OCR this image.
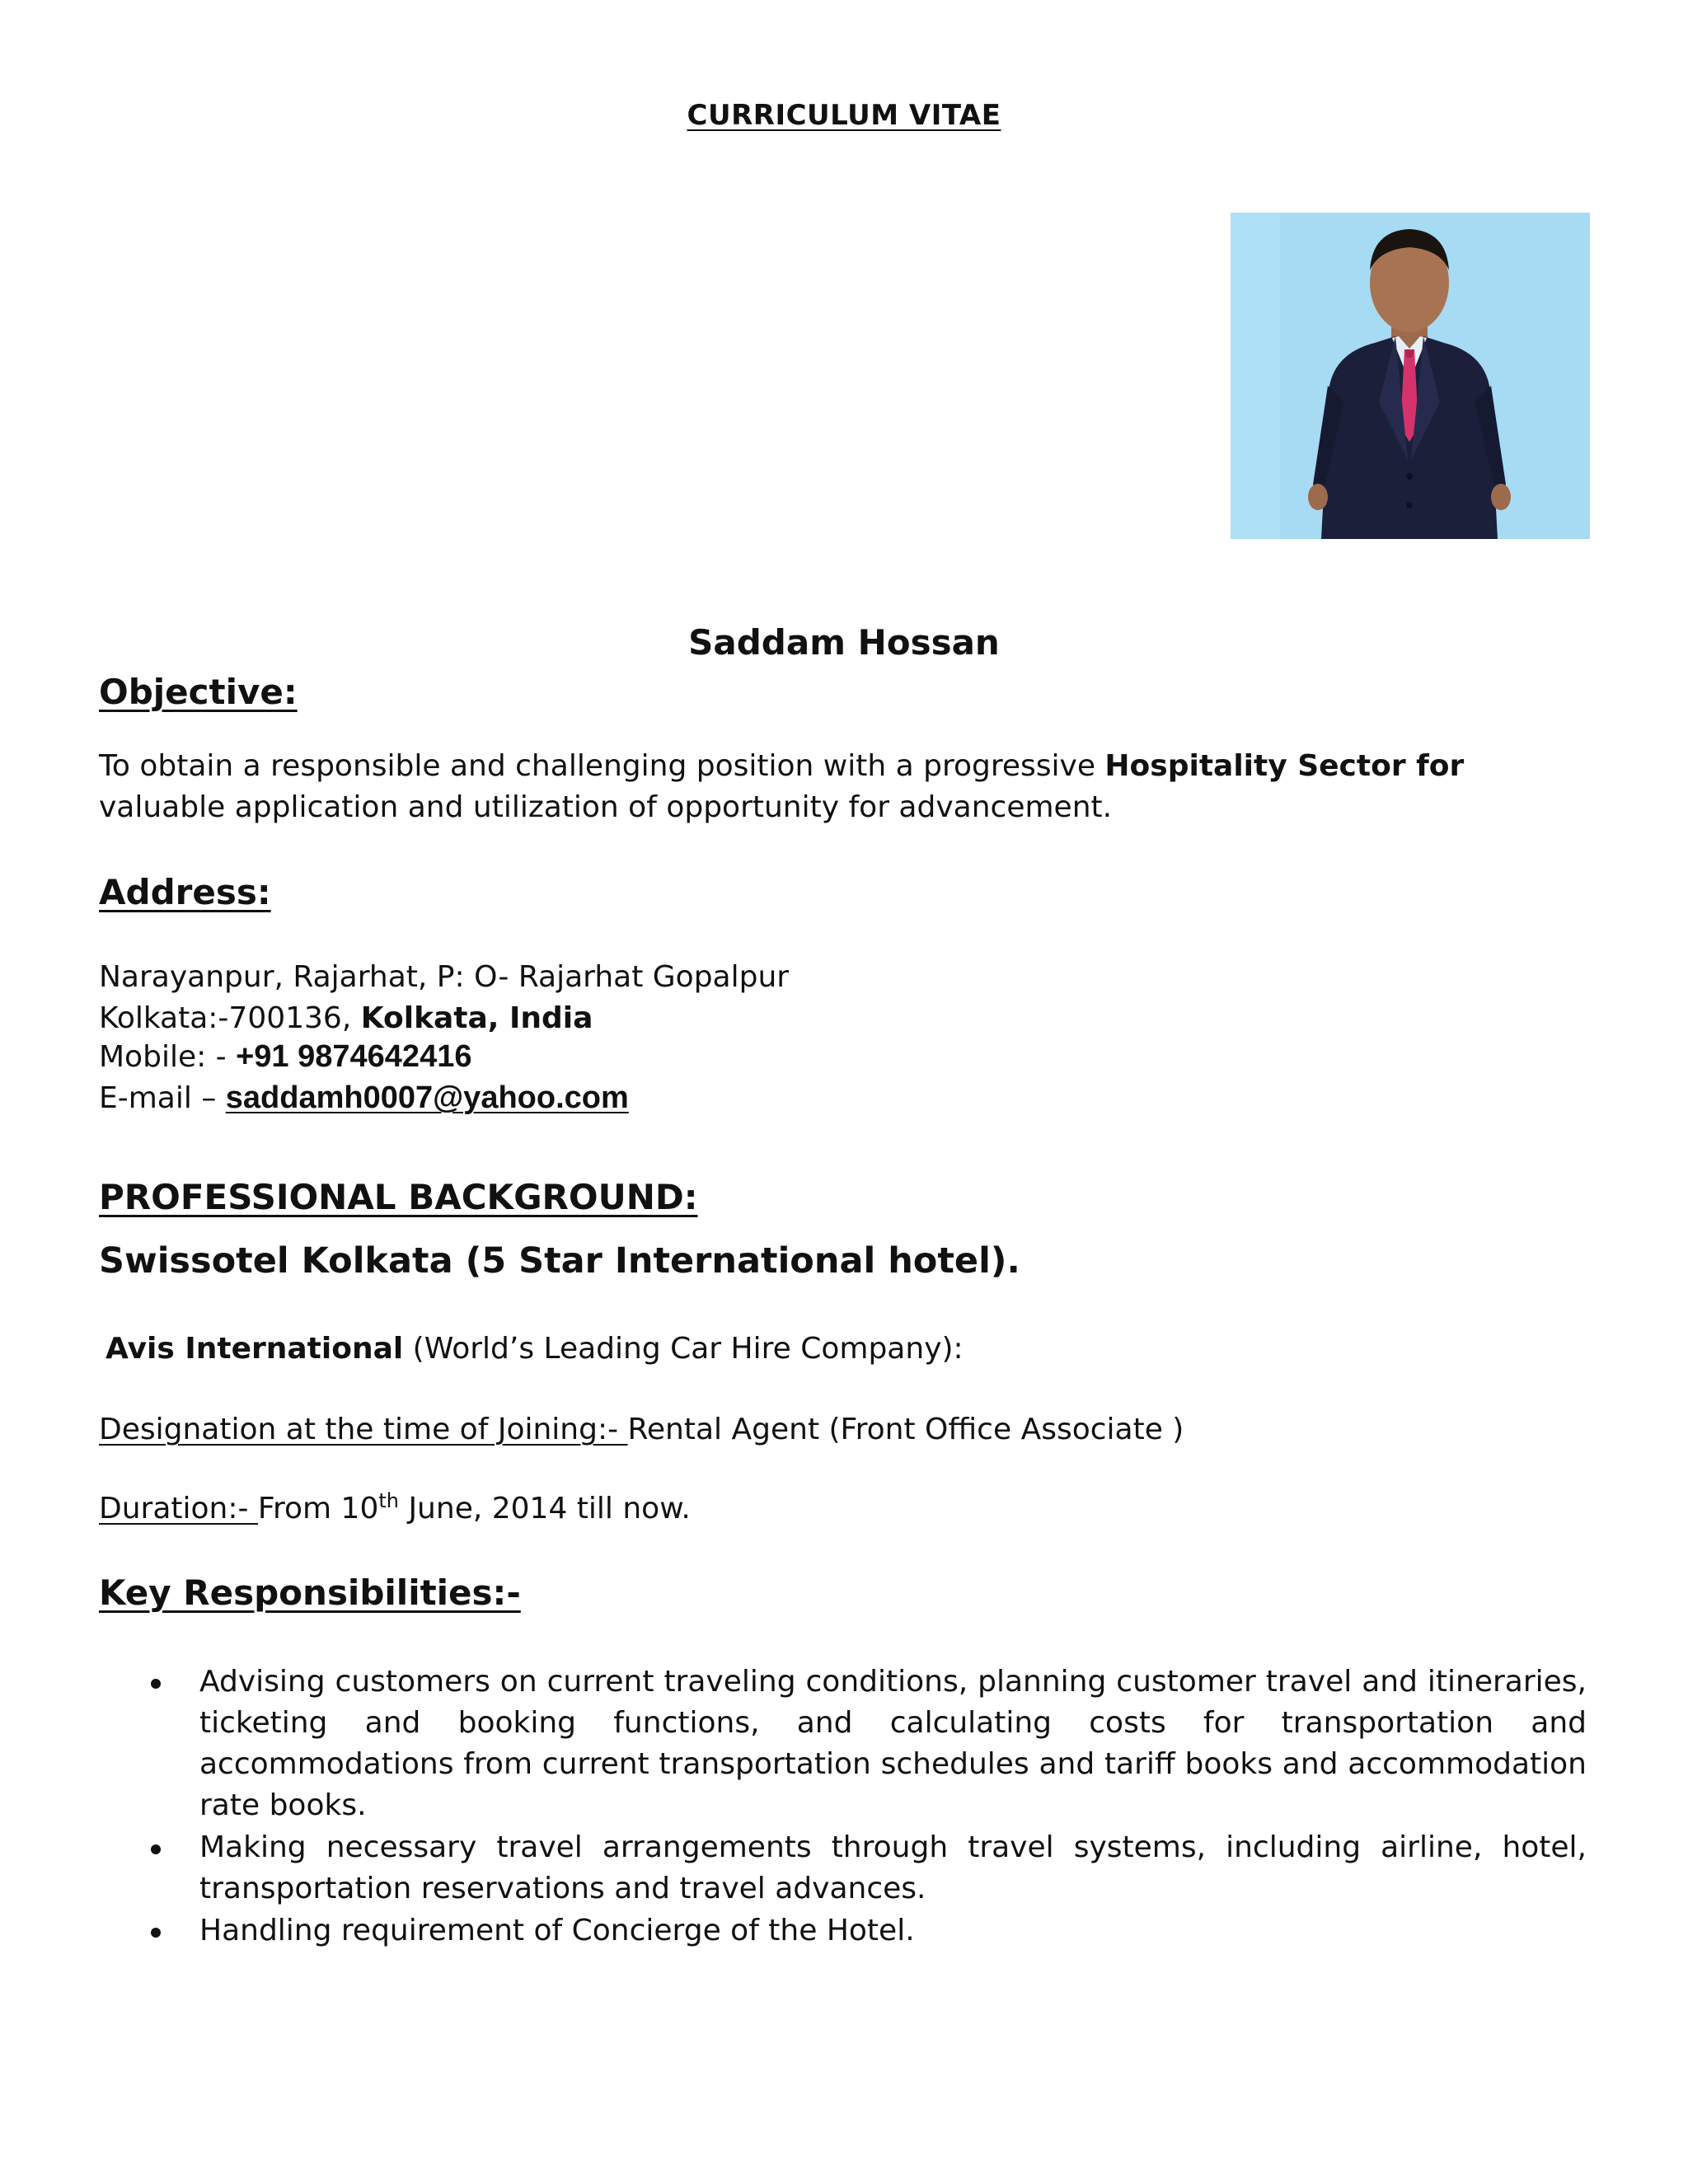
CURRICULUM VITAE
Saddam Hossan
Objective:
To obtain a responsible and challenging position with a progressive Hospitality Sector for valuable application and utilization of opportunity for advancement.
Address:
Narayanpur, Rajarhat, P: O- Rajarhat Gopalpur
Kolkata:-700136, Kolkata, India
Mobile: - +91 9874642416
E-mail – saddamh0007@yahoo.com
PROFESSIONAL BACKGROUND:
Swissotel Kolkata (5 Star International hotel).
Avis International (World’s Leading Car Hire Company):
Designation at the time of Joining:- Rental Agent (Front Office Associate )
Duration:- From 10th June, 2014 till now.
Key Responsibilities:-
Advising customers on current traveling conditions, planning customer travel and itineraries, ticketing and booking functions, and calculating costs for transportation and accommodations from current transportation schedules and tariff books and accommodation rate books.
Making necessary travel arrangements through travel systems, including airline, hotel, transportation reservations and travel advances.
Handling requirement of Concierge of the Hotel.
